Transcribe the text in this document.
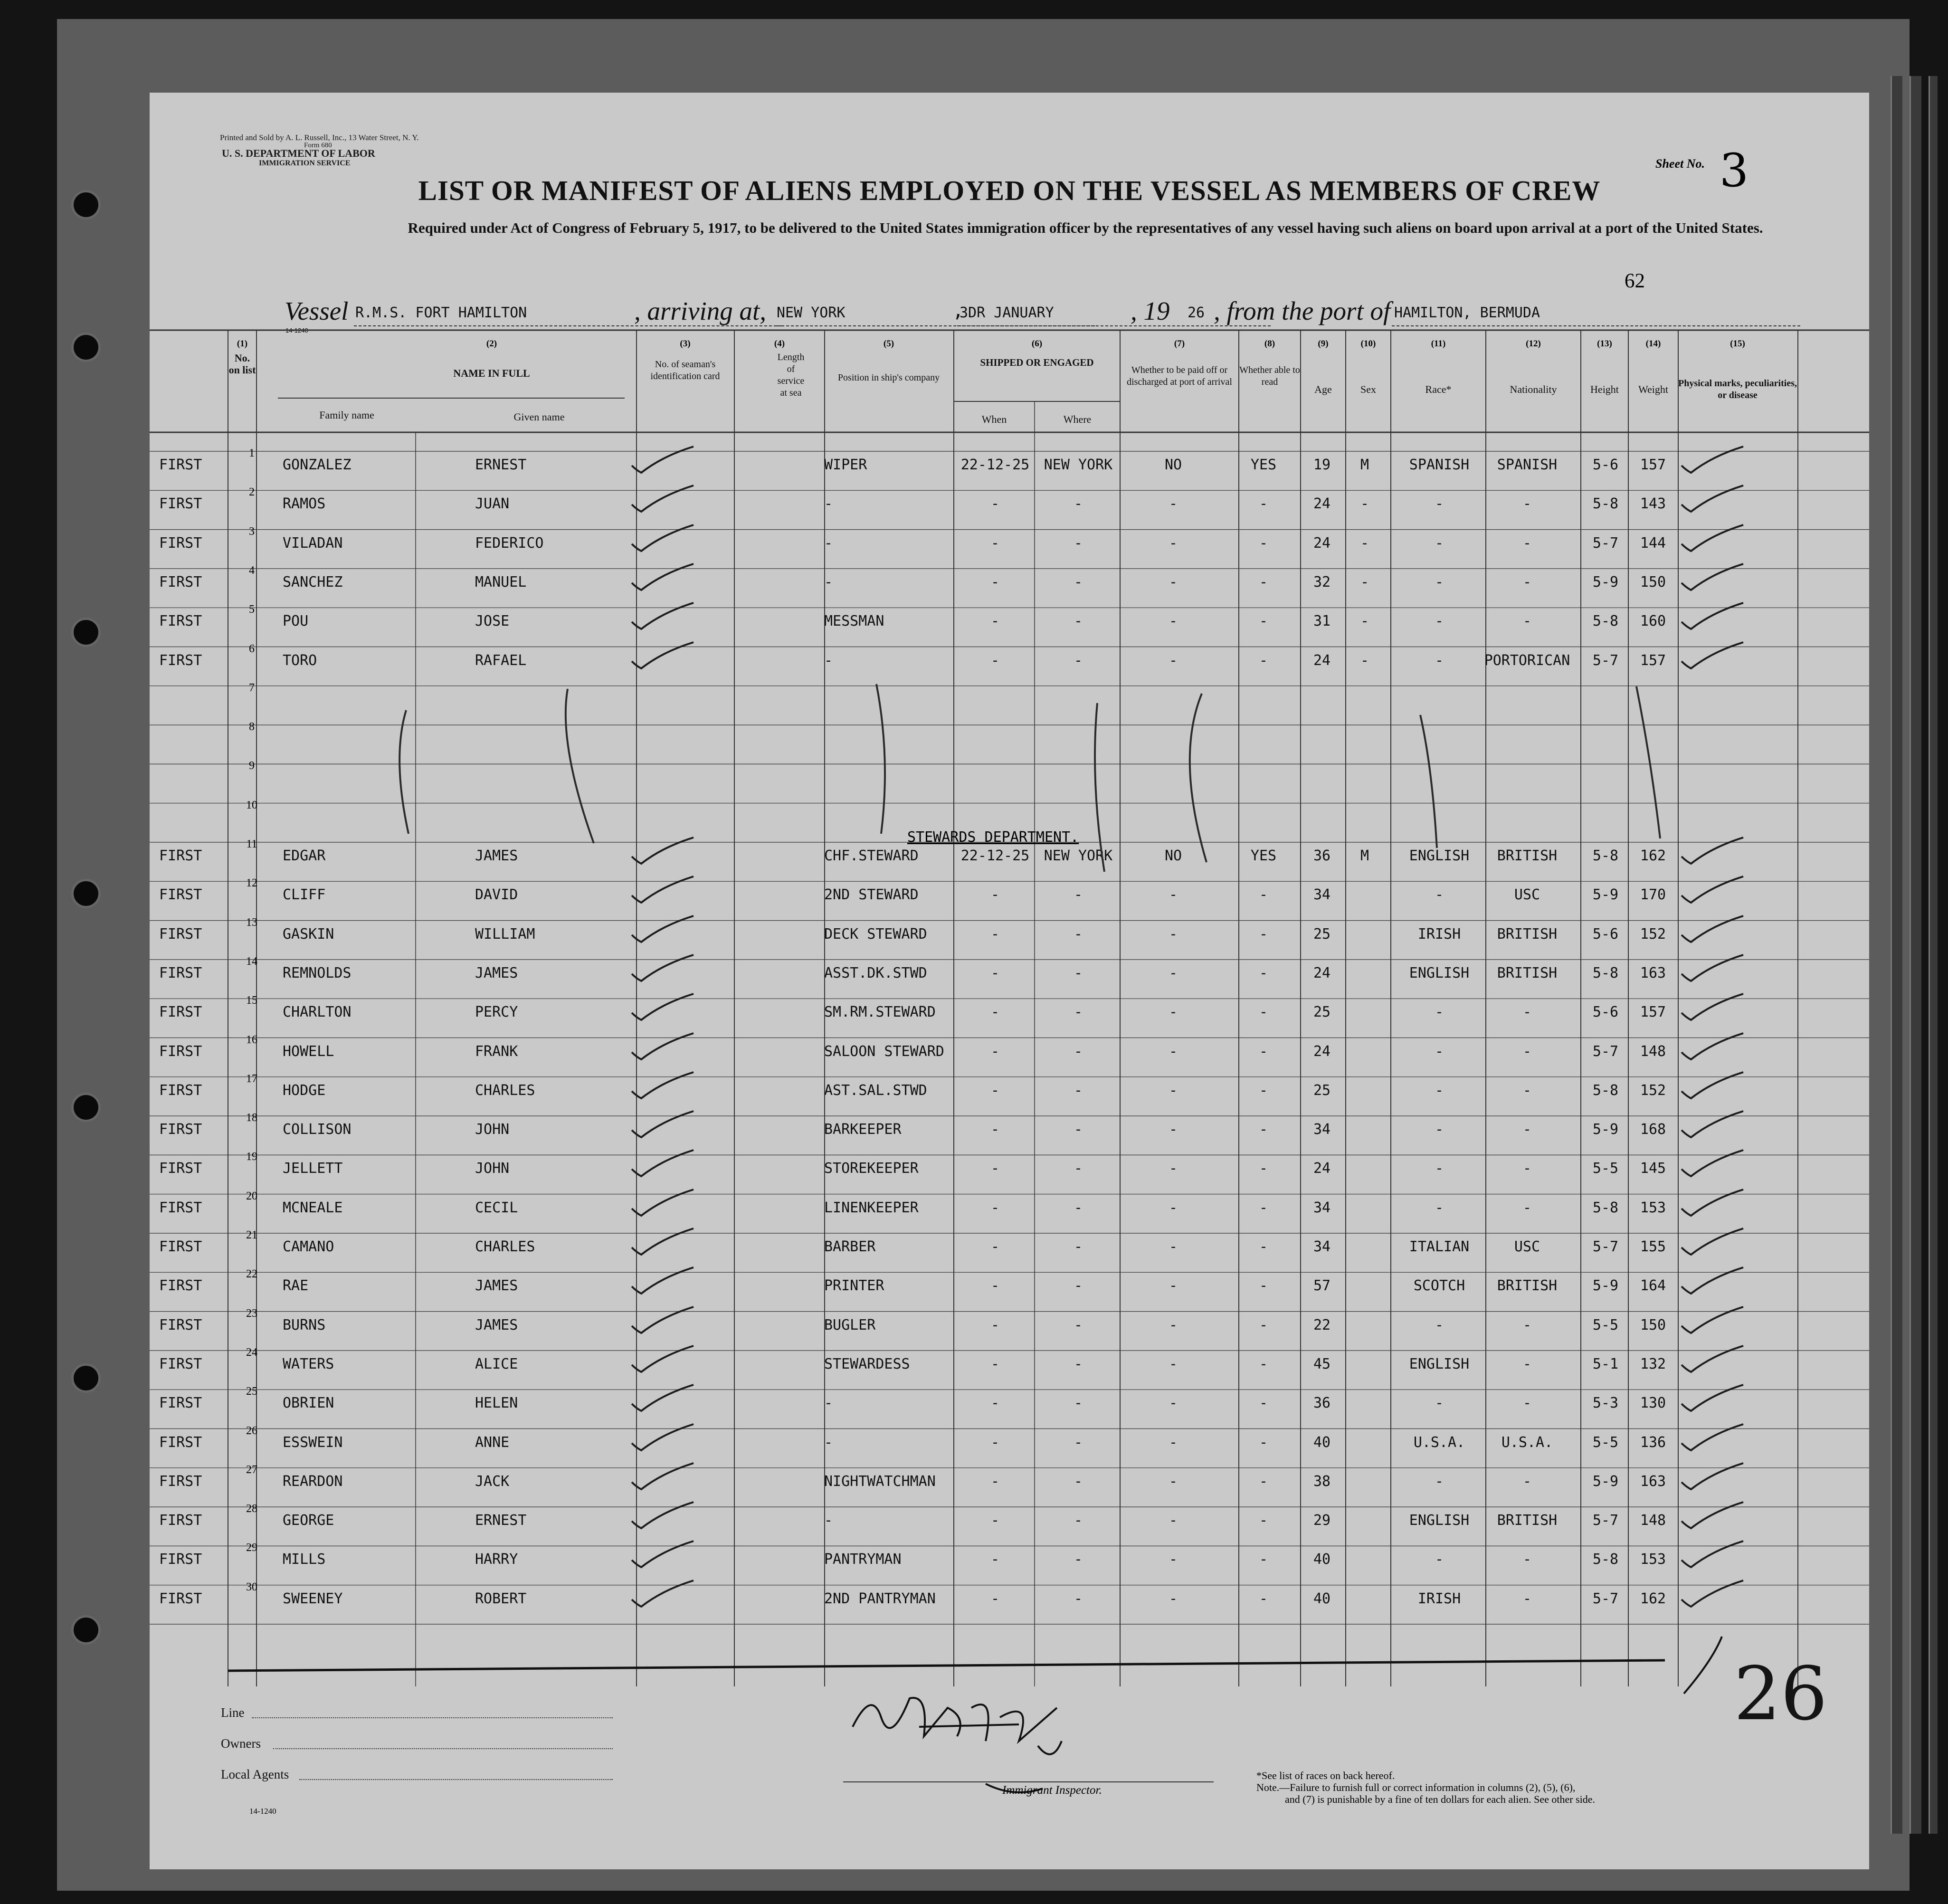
Printed and Sold by A. L. Russell, Inc., 13 Water Street, N. Y.
Form 680
U. S. DEPARTMENT OF LABOR
IMMIGRATION SERVICE
LIST OR MANIFEST OF ALIENS EMPLOYED ON THE VESSEL AS MEMBERS OF CREW
Required under Act of Congress of February 5, 1917, to be delivered to the United States immigration officer by the representatives of any vessel having such aliens on board upon arrival at a port of the United States.
Sheet No. 3
62
Vessel R.M.S. FORT HAMILTON	, arriving at, NEW YORK	,
3DR JANUARY	, 19 26 , from the port of HAMILTON, BERMUDA
14-1240
(1)
No. on list
(2)
NAME IN FULL
Family name	Given name
(3)
No. of seaman's identification card
(4)
Length of service at sea
(5)
Position in ship's company
(6)
SHIPPED OR ENGAGED
When	Where
(7)
Whether to be paid off or discharged at port of arrival
(8)
Whether able to read
(9)
Age
(10)
Sex
(11)
Race*
(12)
Nationality
(13)
Height
(14)
Weight
(15)
Physical marks, peculiarities, or disease
1
FIRST	GONZALEZ	ERNEST	WIPER	22-12-25 NEW YORK	NO	YES	19 M	SPANISH SPANISH 5-6 157
2
FIRST	RAMOS	JUAN	-	-	-	-	-	24 -	-	-	5-8 143
3
FIRST	VILADAN	FEDERICO	-	-	-	-	-	24 -	-	-	5-7 144
4
FIRST	SANCHEZ	MANUEL	-	-	-	-	-	32 -	-	-	5-9 150
5
FIRST	POU	JOSE	MESSMAN	-	-	-	-	31 -	-	-	5-8 160
6
FIRST	TORO	RAFAEL	-	-	-	-	-	24 -	-	PORTORICAN 5-7 157
7
8
9
10
11
FIRST	EDGAR	JAMES	CHF.STEWARD	22-12-25 NEW YORK	NO	YES	36 M	ENGLISH BRITISH 5-8 162
12
FIRST	CLIFF	DAVID	2ND STEWARD	-	-	-	-	34	-	USC	5-9 170
13
FIRST	GASKIN	WILLIAM	DECK STEWARD	-	-	-	-	25	IRISH	BRITISH 5-6 152
14
FIRST	REMNOLDS	JAMES	ASST.DK.STWD	-	-	-	-	24	ENGLISH BRITISH 5-8 163
15
FIRST	CHARLTON	PERCY	SM.RM.STEWARD	-	-	-	-	25	-	-	5-6 157
16
FIRST	HOWELL	FRANK	SALOON STEWARD	-	-	-	-	24	-	-	5-7 148
17
FIRST	HODGE	CHARLES	AST.SAL.STWD	-	-	-	-	25	-	-	5-8 152
18
FIRST	COLLISON	JOHN	BARKEEPER	-	-	-	-	34	-	-	5-9 168
19
FIRST	JELLETT	JOHN	STOREKEEPER	-	-	-	-	24	-	-	5-5 145
20
FIRST	MCNEALE	CECIL	LINENKEEPER	-	-	-	-	34	-	-	5-8 153
21
FIRST	CAMANO	CHARLES	BARBER	-	-	-	-	34	ITALIAN	USC	5-7 155
22
FIRST	RAE	JAMES	PRINTER	-	-	-	-	57	SCOTCH BRITISH 5-9 164
23
FIRST	BURNS	JAMES	BUGLER	-	-	-	-	22	-	-	5-5 150
24
FIRST	WATERS	ALICE	STEWARDESS	-	-	-	-	45	ENGLISH	-	5-1 132
25
FIRST	OBRIEN	HELEN	-	-	-	-	-	36	-	-	5-3 130
26
FIRST	ESSWEIN	ANNE	-	-	-	-	-	40	U.S.A.	U.S.A.	5-5 136
27
FIRST	REARDON	JACK	NIGHTWATCHMAN	-	-	-	-	38	-	-	5-9 163
28
FIRST	GEORGE	ERNEST	-	-	-	-	-	29	ENGLISH BRITISH 5-7 148
29
FIRST	MILLS	HARRY	PANTRYMAN	-	-	-	-	40	-	-	5-8 153
30
FIRST	SWEENEY	ROBERT	2ND PANTRYMAN	-	-	-	-	40	IRISH	-	5-7 162
STEWARDS DEPARTMENT.
26
Line
Owners
Local Agents
Immigrant Inspector.
14-1240
*See list of races on back hereof.
Note.—Failure to furnish full or correct information in columns (2), (5), (6),
and (7) is punishable by a fine of ten dollars for each alien. See other side.
